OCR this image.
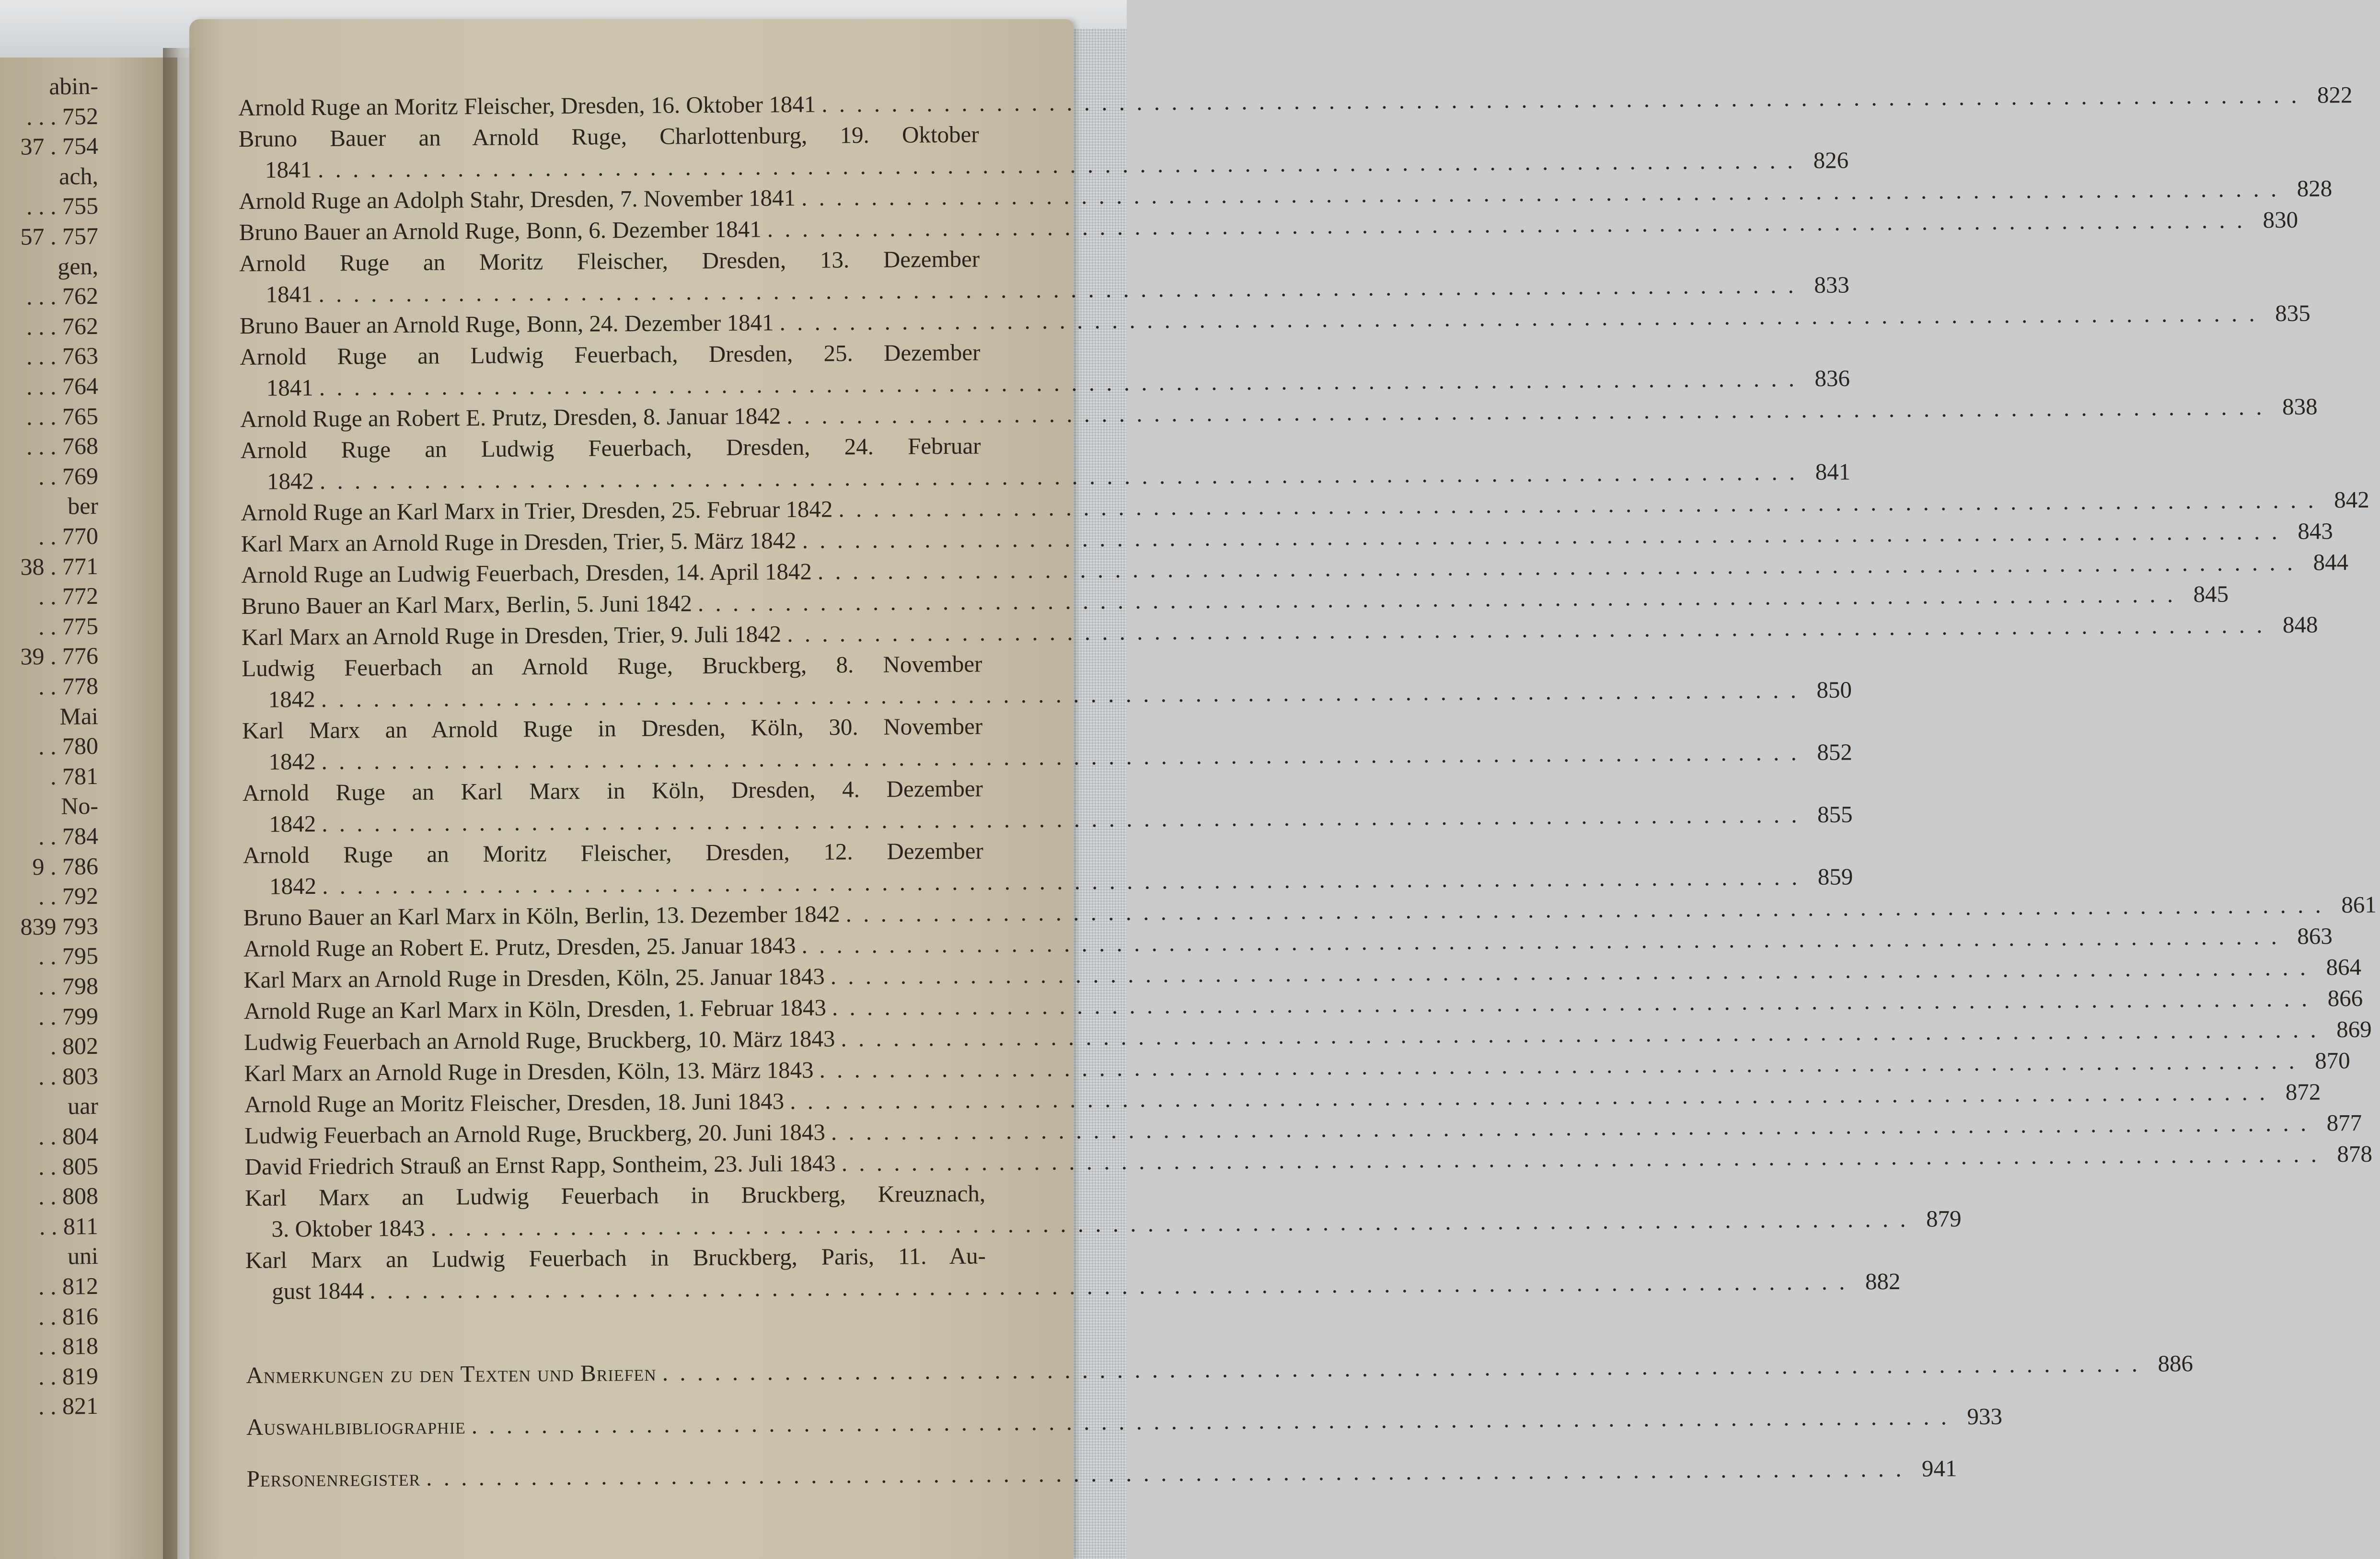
abin-
. . . 752
37 . 754
ach,
. . . 755
57 . 757
gen,
. . . 762
. . . 762
. . . 763
. . . 764
. . . 765
. . . 768
. . 769
ber
. . 770
38 . 771
. . 772
. . 775
39 . 776
. . 778
Mai
. . 780
. 781
No-
. . 784
9 . 786
. . 792
839 793
. . 795
. . 798
. . 799
. 802
. . 803
uar
. . 804
. . 805
. . 808
. . 811
uni
. . 812
. . 816
. . 818
. . 819
. . 821
Arnold Ruge an Moritz Fleischer, Dresden, 16. Oktober 1841 . . .	822
Bruno Bauer an Arnold Ruge, Charlottenburg, 19. Oktober
1841 . . .	826
Arnold Ruge an Adolph Stahr, Dresden, 7. November 1841 . . .	828
Bruno Bauer an Arnold Ruge, Bonn, 6. Dezember 1841 . . .	830
Arnold Ruge an Moritz Fleischer, Dresden, 13. Dezember
1841 . . .	833
Bruno Bauer an Arnold Ruge, Bonn, 24. Dezember 1841 . . .	835
Arnold Ruge an Ludwig Feuerbach, Dresden, 25. Dezember
1841 . . .	836
Arnold Ruge an Robert E. Prutz, Dresden, 8. Januar 1842 . . .	838
Arnold Ruge an Ludwig Feuerbach, Dresden, 24. Februar
1842 . . .	841
Arnold Ruge an Karl Marx in Trier, Dresden, 25. Februar 1842 . . .	842
Karl Marx an Arnold Ruge in Dresden, Trier, 5. März 1842 . . .	843
Arnold Ruge an Ludwig Feuerbach, Dresden, 14. April 1842 . . .	844
Bruno Bauer an Karl Marx, Berlin, 5. Juni 1842 . . .	845
Karl Marx an Arnold Ruge in Dresden, Trier, 9. Juli 1842 . . .	848
Ludwig Feuerbach an Arnold Ruge, Bruckberg, 8. November
1842 . . .	850
Karl Marx an Arnold Ruge in Dresden, Köln, 30. November
1842 . . .	852
Arnold Ruge an Karl Marx in Köln, Dresden, 4. Dezember
1842 . . .	855
Arnold Ruge an Moritz Fleischer, Dresden, 12. Dezember
1842 . . .	859
Bruno Bauer an Karl Marx in Köln, Berlin, 13. Dezember 1842 . . .	861
Arnold Ruge an Robert E. Prutz, Dresden, 25. Januar 1843 . . .	863
Karl Marx an Arnold Ruge in Dresden, Köln, 25. Januar 1843 . . .	864
Arnold Ruge an Karl Marx in Köln, Dresden, 1. Februar 1843 . . .	866
Ludwig Feuerbach an Arnold Ruge, Bruckberg, 10. März 1843 . . .	869
Karl Marx an Arnold Ruge in Dresden, Köln, 13. März 1843 . . .	870
Arnold Ruge an Moritz Fleischer, Dresden, 18. Juni 1843 . . .	872
Ludwig Feuerbach an Arnold Ruge, Bruckberg, 20. Juni 1843 . . .	877
David Friedrich Strauß an Ernst Rapp, Sontheim, 23. Juli 1843 . . .	878
Karl Marx an Ludwig Feuerbach in Bruckberg, Kreuznach,
3. Oktober 1843 . . .	879
Karl Marx an Ludwig Feuerbach in Bruckberg, Paris, 11. Au-
gust 1844 . . .	882
Anmerkungen zu den Texten und Briefen . . .	886
Auswahlbibliographie . . .	933
Personenregister . . .	941
